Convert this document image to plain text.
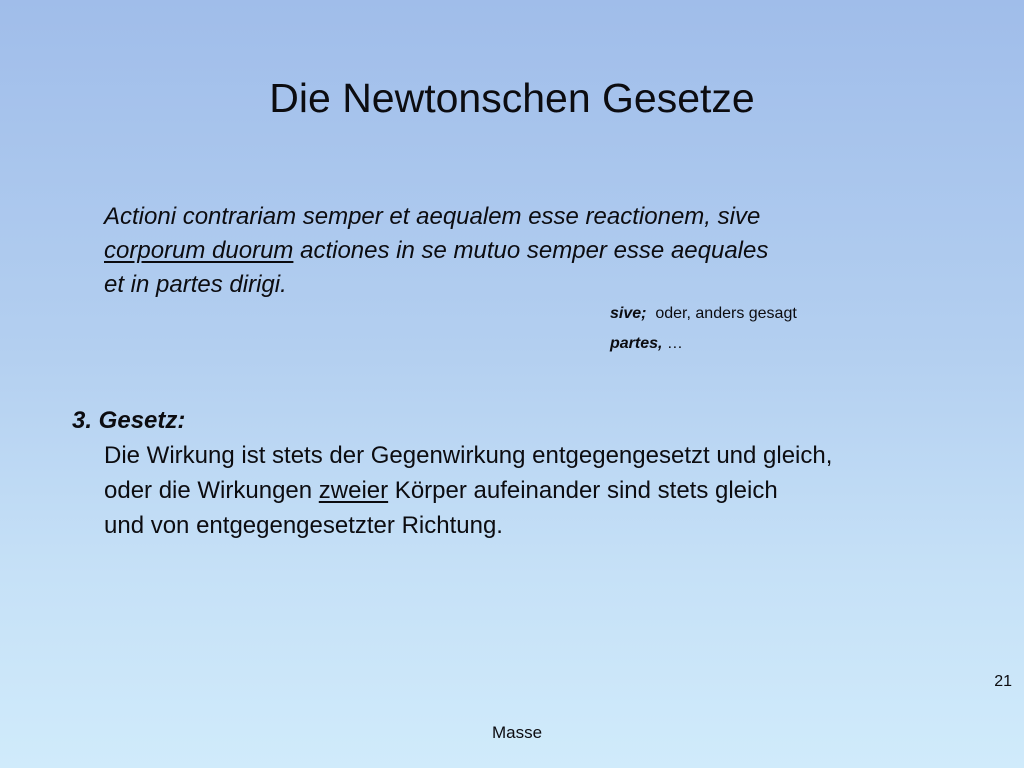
Die Newtonschen Gesetze
Actioni contrariam semper et aequalem esse reactionem, sive
corporum duorum actiones in se mutuo semper esse aequales
et in partes dirigi.
sive;  oder, anders gesagt
partes, …
3. Gesetz:
Die Wirkung ist stets der Gegenwirkung entgegengesetzt und gleich,
oder die Wirkungen zweier Körper aufeinander sind stets gleich
und von entgegengesetzter Richtung.
21
Masse
